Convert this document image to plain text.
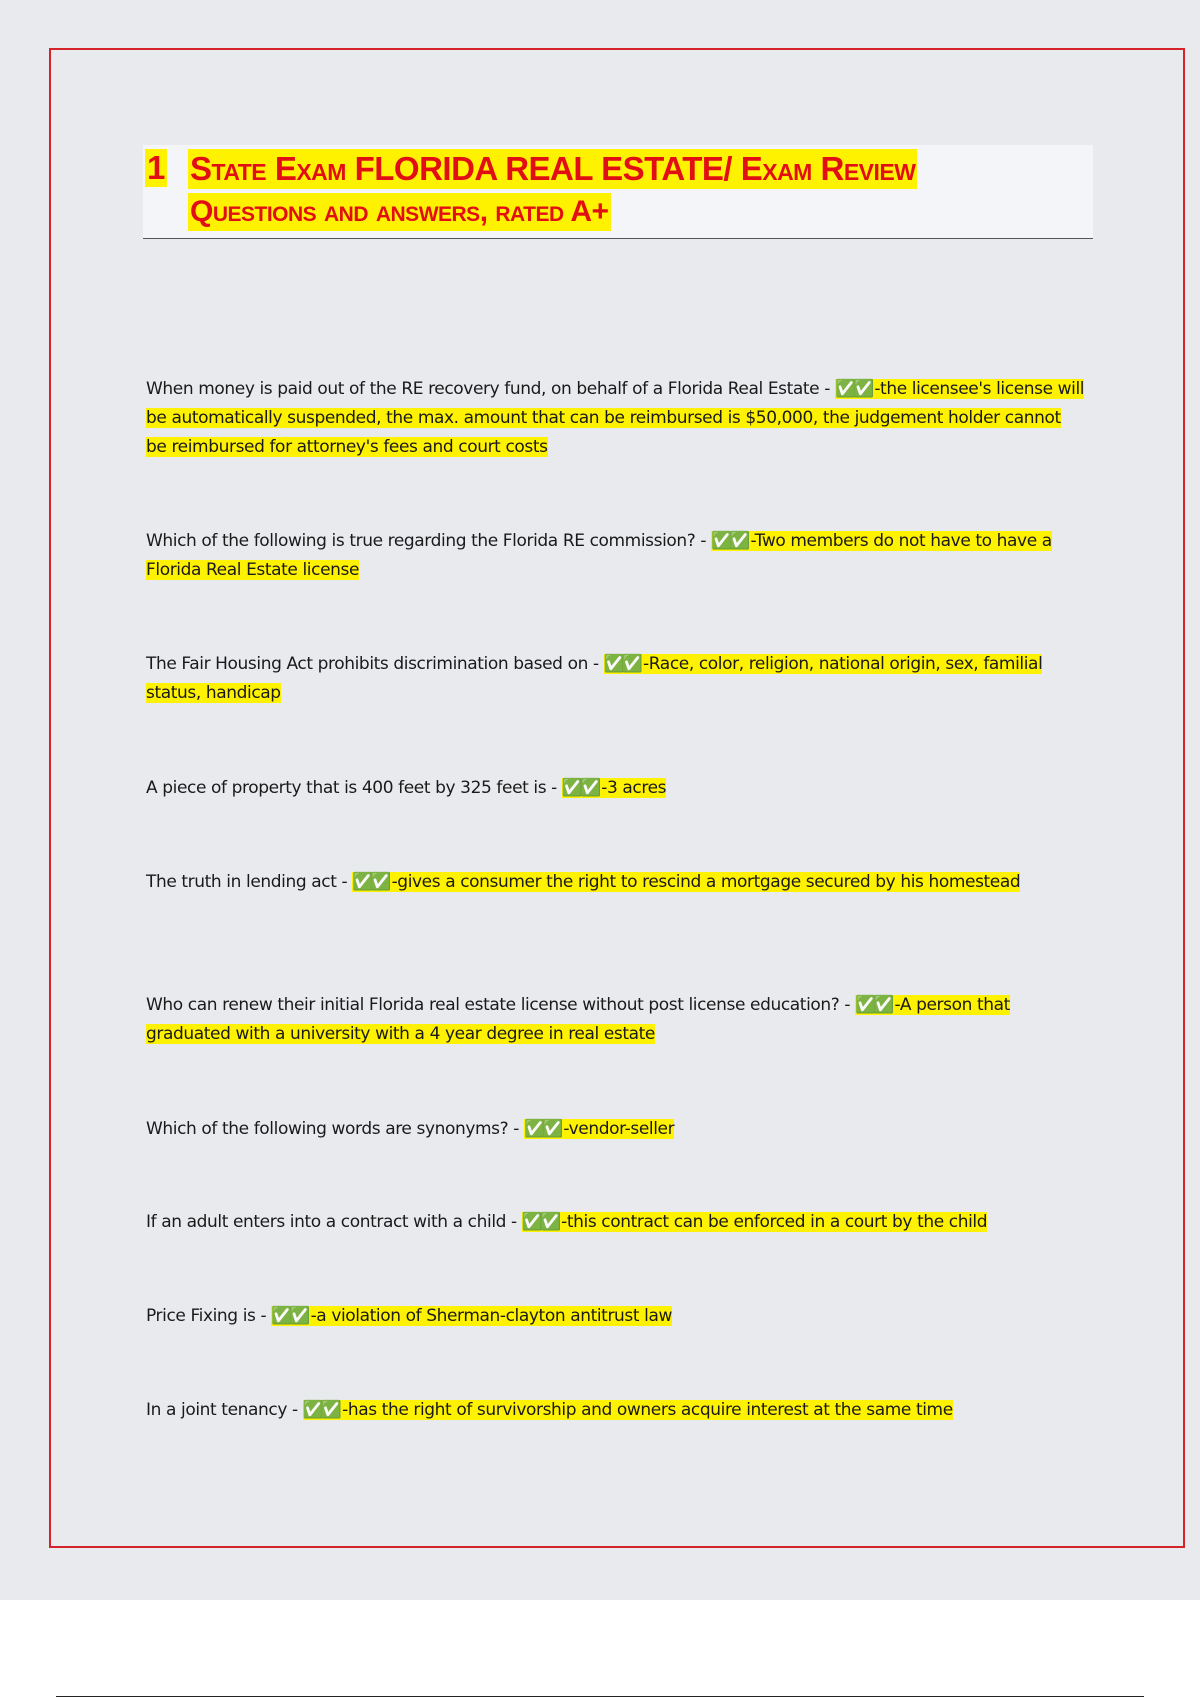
1 State Exam FLORIDA REAL ESTATE/ Exam Review
Questions and answers, rated A+

When money is paid out of the RE recovery fund, on behalf of a Florida Real Estate - ✅✅ -the licensee's license will be automatically suspended, the max. amount that can be reimbursed is $50,000, the judgement holder cannot be reimbursed for attorney's fees and court costs

Which of the following is true regarding the Florida RE commission? - ✅✅ -Two members do not have to have a Florida Real Estate license

The Fair Housing Act prohibits discrimination based on - ✅✅ -Race, color, religion, national origin, sex, familial status, handicap

A piece of property that is 400 feet by 325 feet is - ✅✅ -3 acres

The truth in lending act - ✅✅ -gives a consumer the right to rescind a mortgage secured by his homestead

Who can renew their initial Florida real estate license without post license education? - ✅✅ -A person that graduated with a university with a 4 year degree in real estate

Which of the following words are synonyms? - ✅✅ -vendor-seller

If an adult enters into a contract with a child - ✅✅ -this contract can be enforced in a court by the child

Price Fixing is - ✅✅ -a violation of Sherman-clayton antitrust law

In a joint tenancy - ✅✅ -has the right of survivorship and owners acquire interest at the same time
